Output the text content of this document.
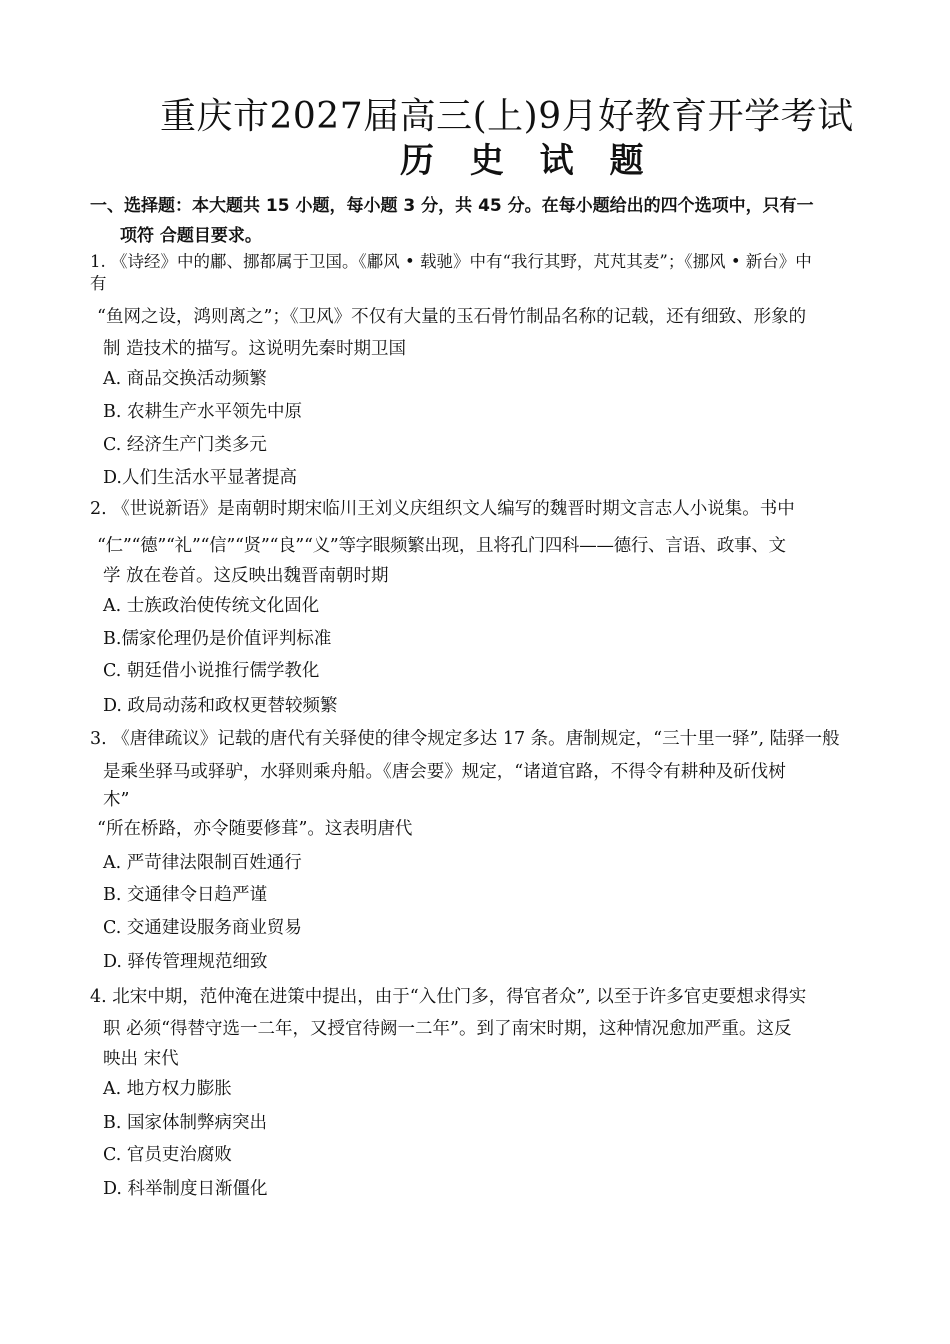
重庆市2027届高三(上)9月好教育开学考试
历 史 试 题
一、选择题：本大题共 15 小题，每小题 3 分，共 45 分。在每小题给出的四个选项中，只有一
项符 合题目要求。
1. 《诗经》中的鄘、挪都属于卫国。《鄘风 • 载驰》中有“我行其野，芃芃其麦”；《挪风 • 新台》中
有
“鱼网之设，鸿则离之”；《卫风》不仅有大量的玉石骨竹制品名称的记载，还有细致、形象的
制 造技术的描写。这说明先秦时期卫国
A. 商品交换活动频繁
B. 农耕生产水平领先中原
C. 经济生产门类多元
D.人们生活水平显著提高
2. 《世说新语》是南朝时期宋临川王刘义庆组织文人编写的魏晋时期文言志人小说集。书中
“仁”“德”“礼”“信”“贤”“良”“义”等字眼频繁出现，且将孔门四科——德行、言语、政事、文
学 放在卷首。这反映出魏晋南朝时期
A. 士族政治使传统文化固化
B.儒家伦理仍是价值评判标准
C. 朝廷借小说推行儒学教化
D. 政局动荡和政权更替较频繁
3. 《唐律疏议》记载的唐代有关驿使的律令规定多达 17 条。唐制规定，“三十里一驿”, 陆驿一般
是乘坐驿马或驿驴，水驿则乘舟船。《唐会要》规定，“诸道官路，不得令有耕种及斫伐树
木”
“所在桥路，亦令随要修葺”。这表明唐代
A. 严苛律法限制百姓通行
B. 交通律令日趋严谨
C. 交通建设服务商业贸易
D. 驿传管理规范细致
4. 北宋中期，范仲淹在进策中提出，由于“入仕门多，得官者众”, 以至于许多官吏要想求得实
职 必须“得替守选一二年，又授官待阙一二年”。到了南宋时期，这种情况愈加严重。这反
映出 宋代
A. 地方权力膨胀
B. 国家体制弊病突出
C. 官员吏治腐败
D. 科举制度日渐僵化
